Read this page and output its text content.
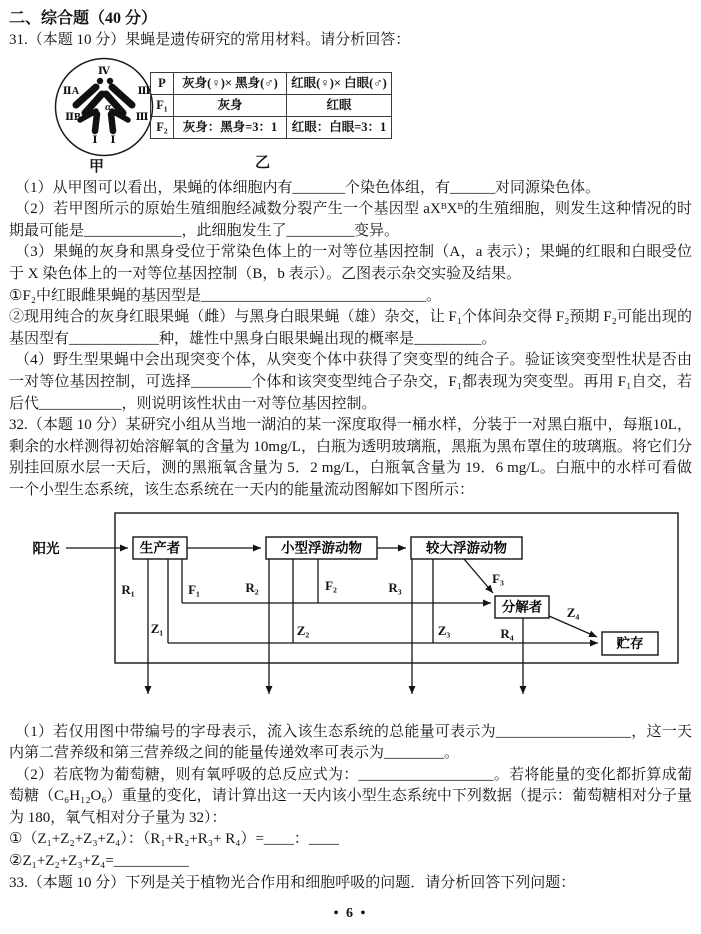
二、综合题（40 分）

31.（本题 10 分）果蝇是遗传研究的常用材料。请分析回答：

Ⅳ
ⅡA	Ⅲ
α
ⅡB	Ⅲ
Ⅰ Ⅰ
甲
P	灰身(♀)× 黑身(♂)	红眼(♀)× 白眼(♂)
F₁	灰身	红眼
F₂	灰身：黑身=3：1	红眼：白眼=3：1
乙

（1）从甲图可以看出，果蝇的体细胞内有_______个染色体组，有______对同源染色体。

（2）若甲图所示的原始生殖细胞经减数分裂产生一个基因型 aXᴮXᴮ的生殖细胞，则发生这种情况的时期最可能是_____________，此细胞发生了_________变异。

（3）果蝇的灰身和黑身受位于常染色体上的一对等位基因控制（A，a 表示）；果蝇的红眼和白眼受位于 X 染色体上的一对等位基因控制（B，b 表示）。乙图表示杂交实验及结果。

①F₂中红眼雌果蝇的基因型是______________________________。

②现用纯合的灰身红眼果蝇（雌）与黑身白眼果蝇（雄）杂交，让 F₁个体间杂交得 F₂预期 F₂可能出现的基因型有____________种，雄性中黑身白眼果蝇出现的概率是_________。

（4）野生型果蝇中会出现突变个体，从突变个体中获得了突变型的纯合子。验证该突变型性状是否由一对等位基因控制，可选择________个体和该突变型纯合子杂交，F₁都表现为突变型。再用 F₁自交，若后代___________，则说明该性状由一对等位基因控制。

32.（本题 10 分）某研究小组从当地一湖泊的某一深度取得一桶水样，分装于一对黑白瓶中，每瓶10L，剩余的水样测得初始溶解氧的含量为 10mg/L，白瓶为透明玻璃瓶，黑瓶为黑布罩住的玻璃瓶。将它们分别挂回原水层一天后，测的黑瓶氧含量为 5．2 mg/L，白瓶氧含量为 19．6 mg/L。白瓶中的水样可看做一个小型生态系统，该生态系统在一天内的能量流动图解如下图所示：

阳光	生产者	小型浮游动物	较大浮游动物
分解者
贮存
R₁	F₁	R₂	F₂	R₃
F₃
Z₁	Z₂	Z₃	R₄
Z₄

（1）若仅用图中带编号的字母表示，流入该生态系统的总能量可表示为__________________，这一天内第二营养级和第三营养级之间的能量传递效率可表示为________。

（2）若底物为葡萄糖，则有氧呼吸的总反应式为：__________________。若将能量的变化都折算成葡萄糖（C₆H₁₂O₆）重量的变化，请计算出这一天内该小型生态系统中下列数据（提示：葡萄糖相对分子量为 180，氧气相对分子量为 32）：

①（Z₁+Z₂+Z₃+Z₄）：（R₁+R₂+R₃+ R₄）=____：____

②Z₁+Z₂+Z₃+Z₄=__________

33.（本题 10 分）下列是关于植物光合作用和细胞呼吸的问题．请分析回答下列问题：

• 6 •
